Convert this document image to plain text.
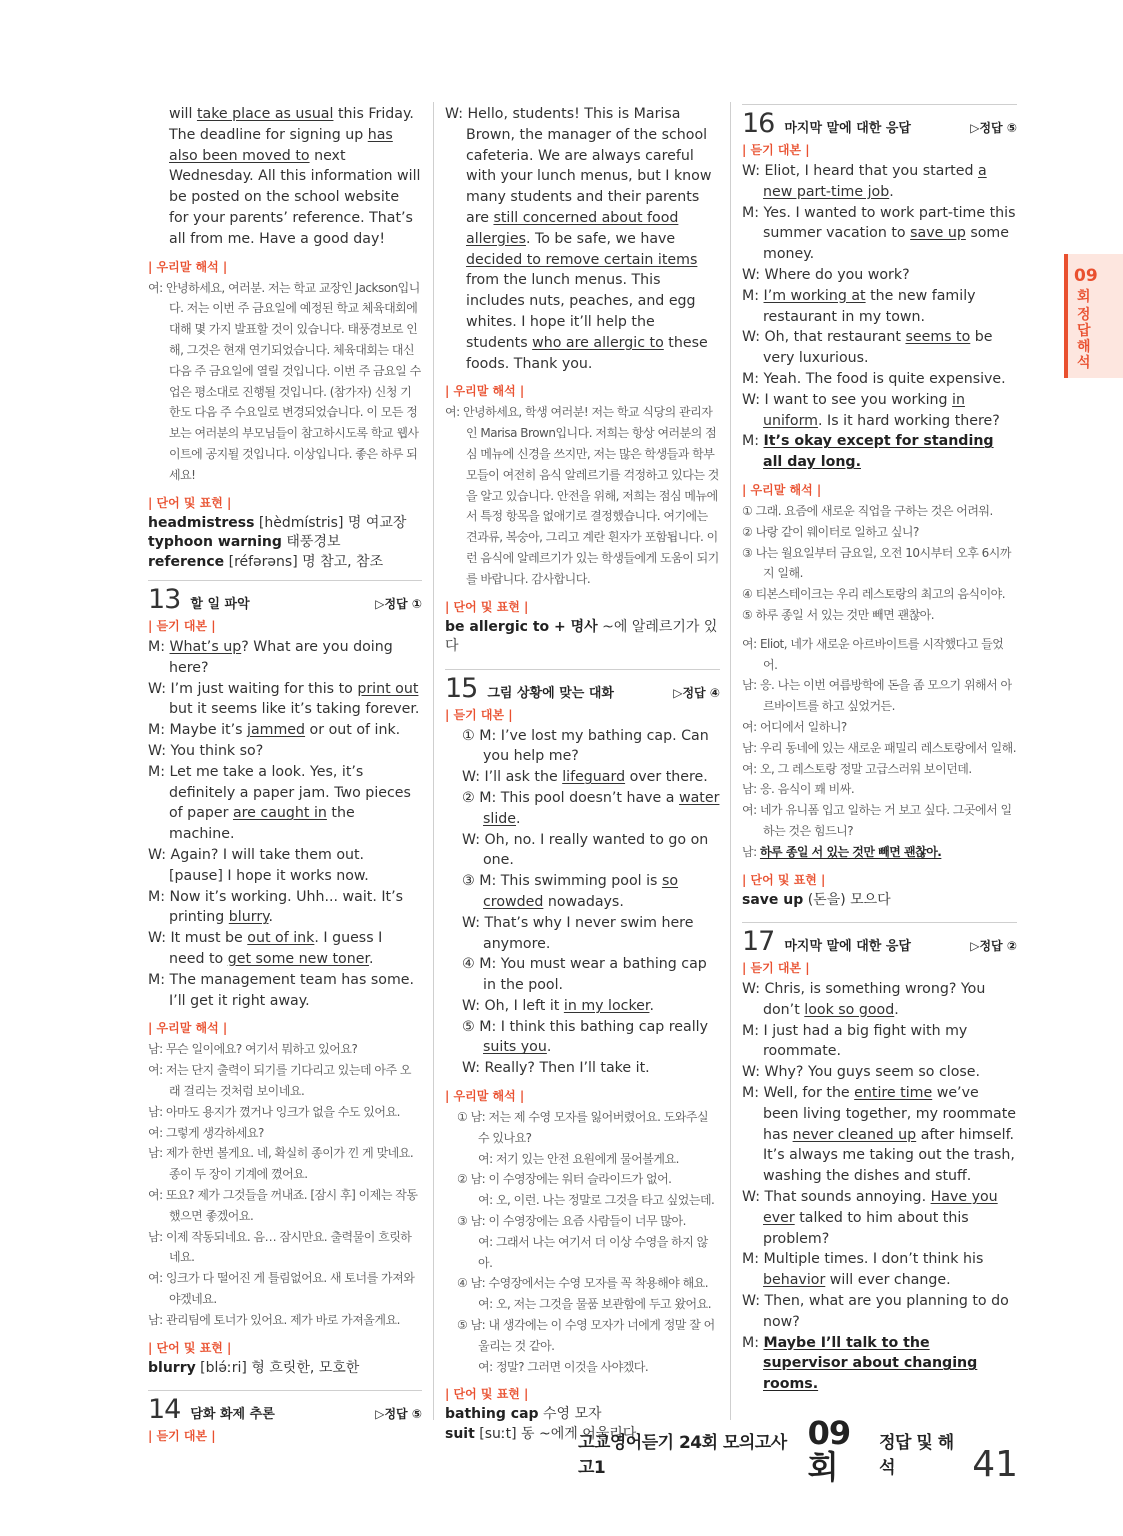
will take place as usual this Friday. The deadline for signing up has also been moved to next Wednesday. All this information will be posted on the school website for your parents’ reference. That’s all from me. Have a good day!
| 우리말 해석 |
여: 안녕하세요, 여러분. 저는 학교 교장인 Jackson입니다. 저는 이번 주 금요일에 예정된 학교 체육대회에 대해 몇 가지 발표할 것이 있습니다. 태풍경보로 인해, 그것은 현재 연기되었습니다. 체육대회는 대신 다음 주 금요일에 열릴 것입니다. 이번 주 금요일 수업은 평소대로 진행될 것입니다. (참가자) 신청 기한도 다음 주 수요일로 변경되었습니다. 이 모든 정보는 여러분의 부모님들이 참고하시도록 학교 웹사이트에 공지될 것입니다. 이상입니다. 좋은 하루 되세요!
| 단어 및 표현 |
headmistress [hèdmístris] 명 여교장
typhoon warning 태풍경보
reference [réfərəns] 명 참고, 참조
13 할 일 파악	▷정답 ①
| 듣기 대본 |
M: What’s up? What are you doing here?
W: I’m just waiting for this to print out but it seems like it’s taking forever.
M: Maybe it’s jammed or out of ink.
W: You think so?
M: Let me take a look. Yes, it’s definitely a paper jam. Two pieces of paper are caught in the machine.
W: Again? I will take them out. [pause] I hope it works now.
M: Now it’s working. Uhh... wait. It’s printing blurry.
W: It must be out of ink. I guess I need to get some new toner.
M: The management team has some. I’ll get it right away.
| 우리말 해석 |
남: 무슨 일이에요? 여기서 뭐하고 있어요?
여: 저는 단지 출력이 되기를 기다리고 있는데 아주 오래 걸리는 것처럼 보이네요.
남: 아마도 용지가 꼈거나 잉크가 없을 수도 있어요.
여: 그렇게 생각하세요?
남: 제가 한번 볼게요. 네, 확실히 종이가 낀 게 맞네요. 종이 두 장이 기계에 꼈어요.
여: 또요? 제가 그것들을 꺼내죠. [잠시 후] 이제는 작동했으면 좋겠어요.
남: 이제 작동되네요. 음… 잠시만요. 출력물이 흐릿하네요.
여: 잉크가 다 떨어진 게 틀림없어요. 새 토너를 가져와야겠네요.
남: 관리팀에 토너가 있어요. 제가 바로 가져올게요.
| 단어 및 표현 |
blurry [blə́ːri] 형 흐릿한, 모호한
14 담화 화제 추론	▷정답 ⑤
| 듣기 대본 |
W: Hello, students! This is Marisa Brown, the manager of the school cafeteria. We are always careful with your lunch menus, but I know many students and their parents are still concerned about food allergies. To be safe, we have decided to remove certain items from the lunch menus. This includes nuts, peaches, and egg whites. I hope it’ll help the students who are allergic to these foods. Thank you.
| 우리말 해석 |
여: 안녕하세요, 학생 여러분! 저는 학교 식당의 관리자인 Marisa Brown입니다. 저희는 항상 여러분의 점심 메뉴에 신경을 쓰지만, 저는 많은 학생들과 학부모들이 여전히 음식 알레르기를 걱정하고 있다는 것을 알고 있습니다. 안전을 위해, 저희는 점심 메뉴에서 특정 항목을 없애기로 결정했습니다. 여기에는 견과류, 복숭아, 그리고 계란 흰자가 포함됩니다. 이런 음식에 알레르기가 있는 학생들에게 도움이 되기를 바랍니다. 감사합니다.
| 단어 및 표현 |
be allergic to + 명사 ~에 알레르기가 있다
15 그림 상황에 맞는 대화	▷정답 ④
| 듣기 대본 |
① M: I’ve lost my bathing cap. Can you help me?
W: I’ll ask the lifeguard over there.
② M: This pool doesn’t have a water slide.
W: Oh, no. I really wanted to go on one.
③ M: This swimming pool is so crowded nowadays.
W: That’s why I never swim here anymore.
④ M: You must wear a bathing cap in the pool.
W: Oh, I left it in my locker.
⑤ M: I think this bathing cap really suits you.
W: Really? Then I’ll take it.
| 우리말 해석 |
① 남: 저는 제 수영 모자를 잃어버렸어요. 도와주실 수 있나요?
여: 저기 있는 안전 요원에게 물어볼게요.
② 남: 이 수영장에는 워터 슬라이드가 없어.
여: 오, 이런. 나는 정말로 그것을 타고 싶었는데.
③ 남: 이 수영장에는 요즘 사람들이 너무 많아.
여: 그래서 나는 여기서 더 이상 수영을 하지 않아.
④ 남: 수영장에서는 수영 모자를 꼭 착용해야 해요.
여: 오, 저는 그것을 물품 보관함에 두고 왔어요.
⑤ 남: 내 생각에는 이 수영 모자가 너에게 정말 잘 어울리는 것 같아.
여: 정말? 그러면 이것을 사야겠다.
| 단어 및 표현 |
bathing cap 수영 모자
suit [suːt] 동 ~에게 어울리다
16 마지막 말에 대한 응답	▷정답 ⑤
| 듣기 대본 |
W: Eliot, I heard that you started a new part-time job.
M: Yes. I wanted to work part-time this summer vacation to save up some money.
W: Where do you work?
M: I’m working at the new family restaurant in my town.
W: Oh, that restaurant seems to be very luxurious.
M: Yeah. The food is quite expensive.
W: I want to see you working in uniform. Is it hard working there?
M: It’s okay except for standing all day long.
| 우리말 해석 |
① 그래. 요즘에 새로운 직업을 구하는 것은 어려워.
② 나랑 같이 웨이터로 일하고 싶니?
③ 나는 월요일부터 금요일, 오전 10시부터 오후 6시까지 일해.
④ 티본스테이크는 우리 레스토랑의 최고의 음식이야.
⑤ 하루 종일 서 있는 것만 빼면 괜찮아.
여: Eliot, 네가 새로운 아르바이트를 시작했다고 들었어.
남: 응. 나는 이번 여름방학에 돈을 좀 모으기 위해서 아르바이트를 하고 싶었거든.
여: 어디에서 일하니?
남: 우리 동네에 있는 새로운 패밀리 레스토랑에서 일해.
여: 오, 그 레스토랑 정말 고급스러워 보이던데.
남: 응. 음식이 꽤 비싸.
여: 네가 유니폼 입고 일하는 거 보고 싶다. 그곳에서 일하는 것은 힘드니?
남: 하루 종일 서 있는 것만 빼면 괜찮아.
| 단어 및 표현 |
save up (돈을) 모으다
17 마지막 말에 대한 응답	▷정답 ②
| 듣기 대본 |
W: Chris, is something wrong? You don’t look so good.
M: I just had a big fight with my roommate.
W: Why? You guys seem so close.
M: Well, for the entire time we’ve been living together, my roommate has never cleaned up after himself. It’s always me taking out the trash, washing the dishes and stuff.
W: That sounds annoying. Have you ever talked to him about this problem?
M: Multiple times. I don’t think his behavior will ever change.
W: Then, what are you planning to do now?
M: Maybe I’ll talk to the supervisor about changing rooms.
09
회
정
답
해
석
고교영어듣기 24회 모의고사 고1
09회
정답 및 해석	41
